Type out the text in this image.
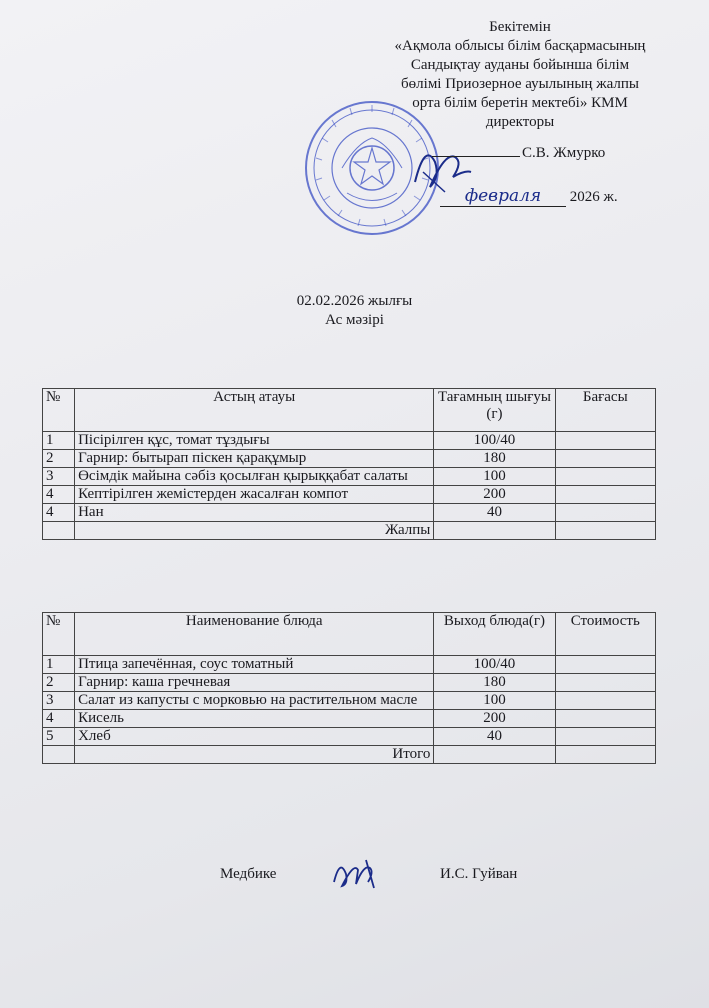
Бекітемін
«Ақмола облысы білім басқармасының
Сандықтау ауданы бойынша білім
бөлімі Приозерное ауылының жалпы
орта білім беретін мектебі» КММ
директоры
С.В. Жмурко
февраля 2026 ж.
02.02.2026 жылғы
Ас мәзірі
№	Астың атауы	Тағамның шығуы (г)	Бағасы
1	Пісірілген құс, томат тұздығы	100/40	
2	Гарнир: бытырап піскен қарақұмыр	180	
3	Өсімдік майына сәбіз қосылған қырыққабат салаты	100	
4	Кептірілген жемістерден жасалған компот	200	
4	Нан	40	
	Жалпы		
№	Наименование блюда	Выход блюда(г)	Стоимость
1	Птица запечённая, соус томатный	100/40	
2	Гарнир: каша гречневая	180	
3	Салат из капусты с морковью на растительном масле	100	
4	Кисель	200	
5	Хлеб	40	
	Итого		
Медбике	И.С. Гуйван
